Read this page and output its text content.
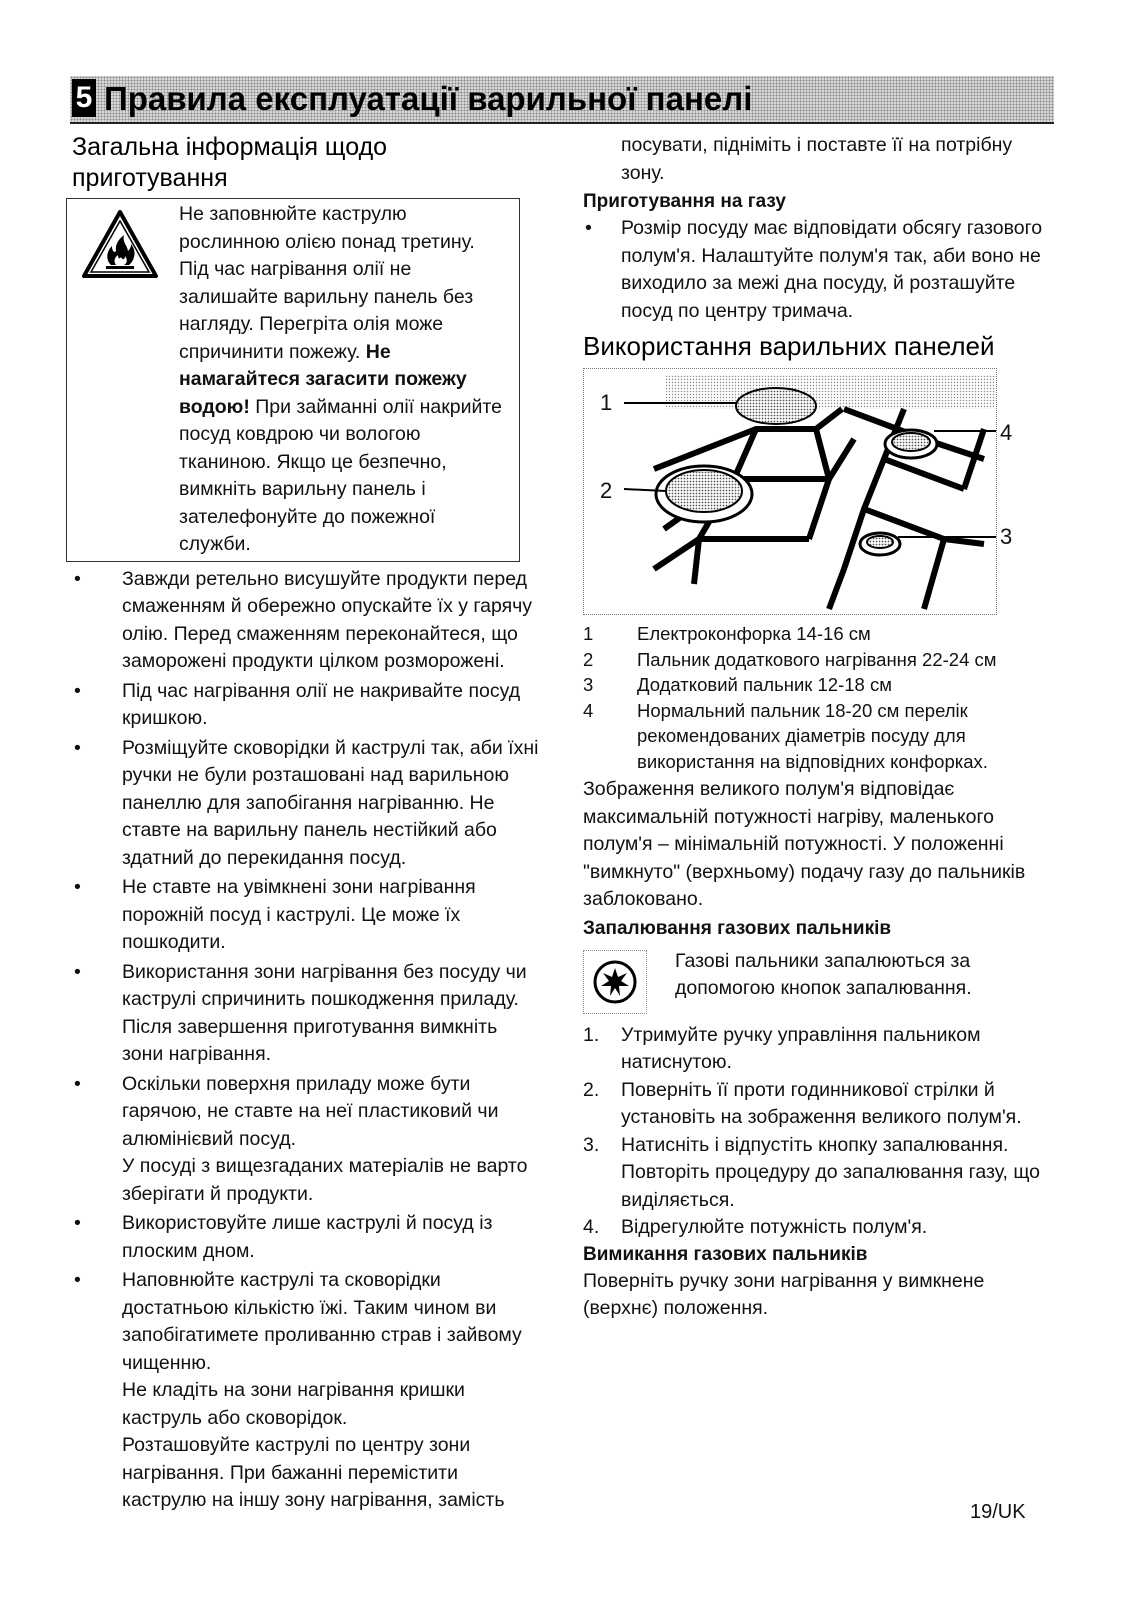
5 Правила експлуатації варильної панелі
Загальна інформація щодо приготування
Не заповнюйте каструлю рослинною олією понад третину. Під час нагрівання олії не залишайте варильну панель без нагляду. Перегріта олія може спричинити пожежу. Не намагайтеся загасити пожежу водою! При займанні олії накрийте посуд ковдрою чи вологою тканиною. Якщо це безпечно, вимкніть варильну панель і зателефонуйте до пожежної служби.
• Завжди ретельно висушуйте продукти перед смаженням й обережно опускайте їх у гарячу олію. Перед смаженням переконайтеся, що заморожені продукти цілком розморожені.
• Під час нагрівання олії не накривайте посуд кришкою.
• Розміщуйте сковорідки й каструлі так, аби їхні ручки не були розташовані над варильною панеллю для запобігання нагріванню. Не ставте на варильну панель нестійкий або здатний до перекидання посуд.
• Не ставте на увімкнені зони нагрівання порожній посуд і каструлі. Це може їх пошкодити.
• Використання зони нагрівання без посуду чи каструлі спричинить пошкодження приладу. Після завершення приготування вимкніть зони нагрівання.
• Оскільки поверхня приладу може бути гарячою, не ставте на неї пластиковий чи алюмінієвий посуд.
У посуді з вищезгаданих матеріалів не варто зберігати й продукти.
• Використовуйте лише каструлі й посуд із плоским дном.
• Наповнюйте каструлі та сковорідки достатньою кількістю їжі. Таким чином ви запобігатимете проливанню страв і зайвому чищенню.
Не кладіть на зони нагрівання кришки каструль або сковорідок.
Розташовуйте каструлі по центру зони нагрівання. При бажанні перемістити каструлю на іншу зону нагрівання, замість

посувати, підніміть і поставте її на потрібну зону.

Приготування на газу
• Розмір посуду має відповідати обсягу газового полум'я. Налаштуйте полум'я так, аби воно не виходило за межі дна посуду, й розташуйте посуд по центру тримача.
Використання варильних панелей
1
2
3
4
1	Електроконфорка 14-16 см
2	Пальник додаткового нагрівання 22-24 см
3	Додатковий пальник 12-18 см
4	Нормальний пальник 18-20 см перелік рекомендованих діаметрів посуду для використання на відповідних конфорках.

Зображення великого полум'я відповідає максимальній потужності нагріву, маленького полум'я – мінімальній потужності. У положенні "вимкнуто" (верхньому) подачу газу до пальників заблоковано.

Запалювання газових пальників
Газові пальники запалюються за допомогою кнопок запалювання.
1. Утримуйте ручку управління пальником натиснутою.
2. Поверніть її проти годинникової стрілки й установіть на зображення великого полум'я.
3. Натисніть і відпустіть кнопку запалювання. Повторіть процедуру до запалювання газу, що виділяється.
4. Відрегулюйте потужність полум'я.
Вимикання газових пальників

Поверніть ручку зони нагрівання у вимкнене (верхнє) положення.

19/UK
